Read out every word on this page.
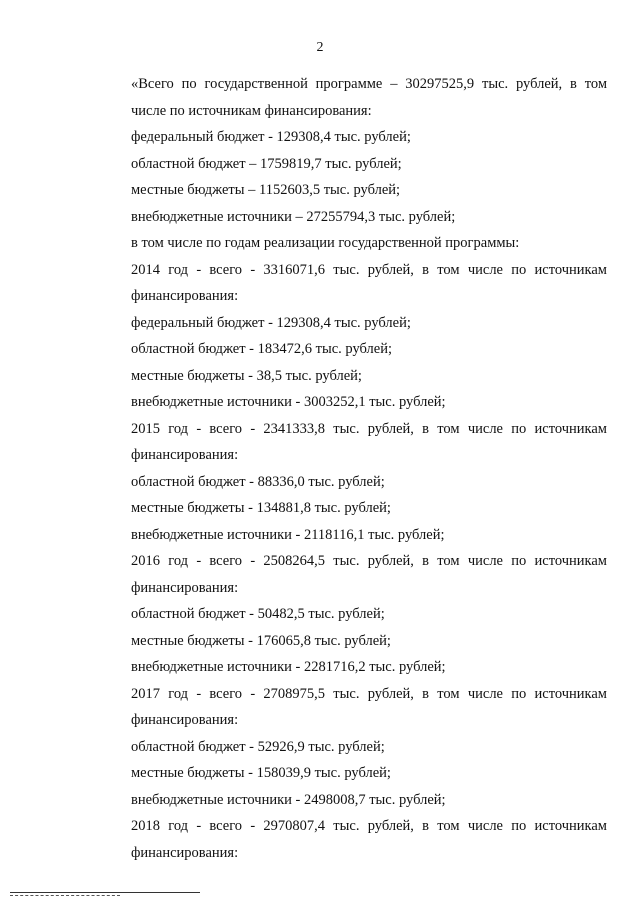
2
«Всего по государственной программе – 30297525,9 тыс. рублей, в том
числе по источникам финансирования:
федеральный бюджет - 129308,4 тыс. рублей;
областной бюджет – 1759819,7 тыс. рублей;
местные бюджеты – 1152603,5 тыс. рублей;
внебюджетные источники – 27255794,3 тыс. рублей;
в том числе по годам реализации государственной программы:
2014 год - всего - 3316071,6 тыс. рублей, в том числе по источникам
финансирования:
федеральный бюджет - 129308,4 тыс. рублей;
областной бюджет - 183472,6 тыс. рублей;
местные бюджеты - 38,5 тыс. рублей;
внебюджетные источники - 3003252,1 тыс. рублей;
2015 год - всего - 2341333,8 тыс. рублей, в том числе по источникам
финансирования:
областной бюджет - 88336,0 тыс. рублей;
местные бюджеты - 134881,8 тыс. рублей;
внебюджетные источники - 2118116,1 тыс. рублей;
2016 год - всего - 2508264,5 тыс. рублей, в том числе по источникам
финансирования:
областной бюджет - 50482,5 тыс. рублей;
местные бюджеты - 176065,8 тыс. рублей;
внебюджетные источники - 2281716,2 тыс. рублей;
2017 год - всего - 2708975,5 тыс. рублей, в том числе по источникам
финансирования:
областной бюджет - 52926,9 тыс. рублей;
местные бюджеты - 158039,9 тыс. рублей;
внебюджетные источники - 2498008,7 тыс. рублей;
2018 год - всего - 2970807,4 тыс. рублей, в том числе по источникам
финансирования:
